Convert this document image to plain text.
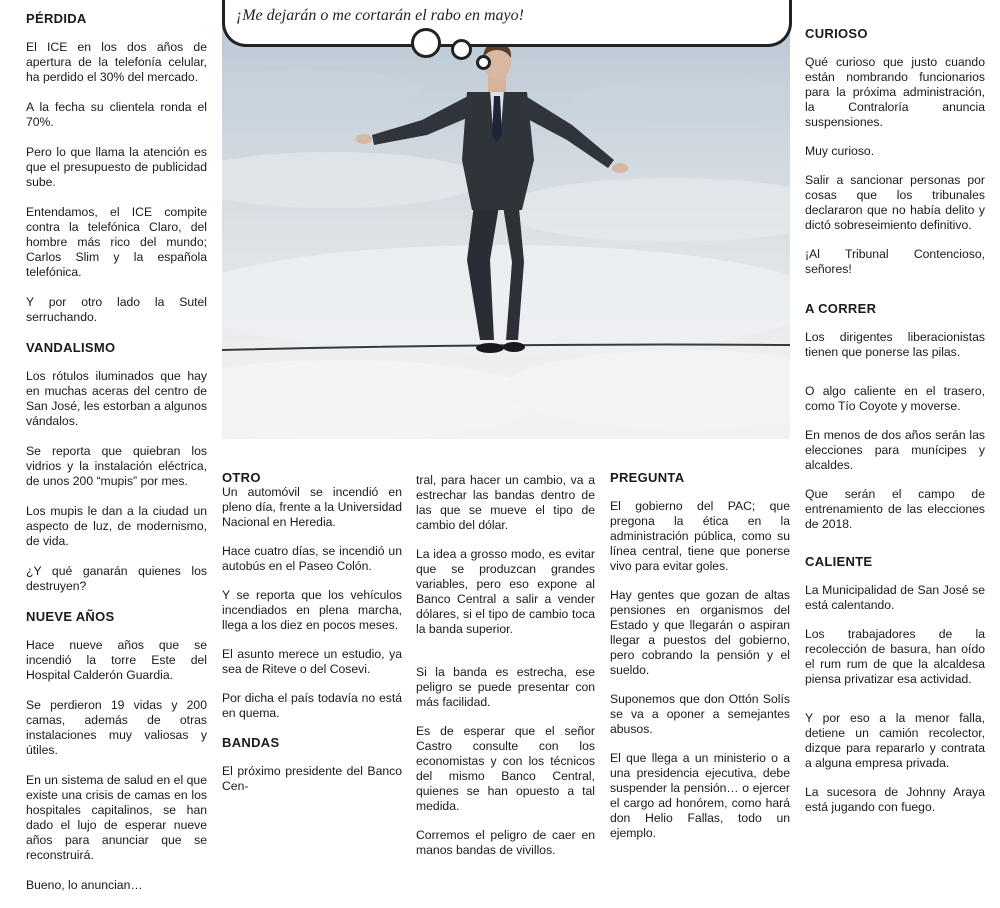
¡Me dejarán o me cortarán el rabo en mayo!
PÉRDIDA

El ICE en los dos años de apertura de la telefonía celular, ha perdido el 30% del mercado.

A la fecha su clientela ronda el 70%.

Pero lo que llama la atención es que el presupuesto de publicidad sube.

Entendamos, el ICE compite contra la telefónica Claro, del hombre más rico del mundo; Carlos Slim y la española telefónica.

Y por otro lado la Sutel serruchando.

VANDALISMO

Los rótulos iluminados que hay en muchas aceras del centro de San José, les estorban a algunos vándalos.

Se reporta que quiebran los vidrios y la instalación eléctrica, de unos 200 “mupis” por mes.

Los mupis le dan a la ciudad un aspecto de luz, de modernismo, de vida.

¿Y qué ganarán quienes los destruyen?

NUEVE AÑOS

Hace nueve años que se incendió la torre Este del Hospital Calderón Guardia.

Se perdieron 19 vidas y 200 camas, además de otras instalaciones muy valiosas y útiles.

En un sistema de salud en el que existe una crisis de camas en los hospitales capitalinos, se han dado el lujo de esperar nueve años para anunciar que se reconstruirá.

Bueno, lo anuncian…

OTRO

Un automóvil se incendió en pleno día, frente a la Universidad Nacional en Heredia.

Hace cuatro días, se incendió un autobús en el Paseo Colón.

Y se reporta que los vehículos incendiados en plena marcha, llega a los diez en pocos meses.

El asunto merece un estudio, ya sea de Riteve o del Cosevi.

Por dicha el país todavía no está en quema.

BANDAS

El próximo presidente del Banco Cen-

tral, para hacer un cambio, va a estrechar las bandas dentro de las que se mueve el tipo de cambio del dólar.

La idea a grosso modo, es evitar que se produzcan grandes variables, pero eso expone al Banco Central a salir a vender dólares, si el tipo de cambio toca la banda superior.

Si la banda es estrecha, ese peligro se puede presentar con más facilidad.

Es de esperar que el señor Castro consulte con los economistas y con los técnicos del mismo Banco Central, quienes se han opuesto a tal medida.

Corremos el peligro de caer en manos bandas de vivillos.

PREGUNTA

El gobierno del PAC; que pregona la ética en la administración pública, como su línea central, tiene que ponerse vivo para evitar goles.

Hay gentes que gozan de altas pensiones en organismos del Estado y que llegarán o aspiran llegar a puestos del gobierno, pero cobrando la pensión y el sueldo.

Suponemos que don Ottón Solís se va a oponer a semejantes abusos.

El que llega a un ministerio o a una presidencia ejecutiva, debe suspender la pensión… o ejercer el cargo ad honórem, como hará don Helio Fallas, todo un ejemplo.

CURIOSO

Qué curioso que justo cuando están nombrando funcionarios para la próxima administración, la Contraloría anuncia suspensiones.

Muy curioso.

Salir a sancionar personas por cosas que los tribunales declararon que no había delito y dictó sobreseimiento definitivo.

¡Al Tribunal Contencioso, señores!

A CORRER

Los dirigentes liberacionistas tienen que ponerse las pilas.

O algo caliente en el trasero, como Tío Coyote y moverse.

En menos de dos años serán las elecciones para munícipes y alcaldes.

Que serán el campo de entrenamiento de las elecciones de 2018.

CALIENTE

La Municipalidad de San José se está calentando.

Los trabajadores de la recolección de basura, han oído el rum rum de que la alcaldesa piensa privatizar esa actividad.

Y por eso a la menor falla, detiene un camión recolector, dizque para repararlo y contrata a alguna empresa privada.

La sucesora de Johnny Araya está jugando con fuego.
